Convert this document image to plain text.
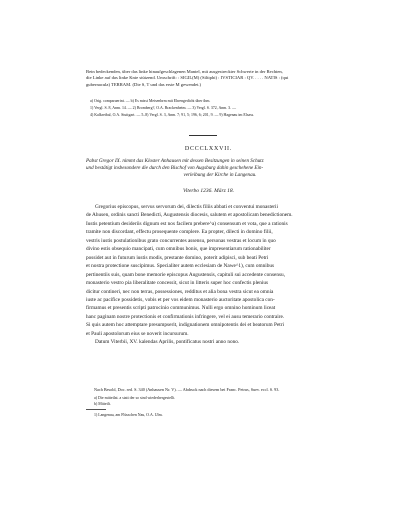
Bein bedeckenden, über das linke hinaufgeschlagenen Mantel, mit ausgestreckter Schwerte in der Rechten,
die Linke auf das linke Knie stützend. Umschrift: : SIGIL(M) (Siltiphi) : IVSTICIAR : QV. . . . . NATIS : (qui
gubernacula) TERRAM. (Die S, T und das erste M gewendet.)
a) Orig. comparuerint. — b) Es misst Meisenbrm mit Ehrengedicht über ihm.
1) Vergl. S. 8, Anm. 14. — 2) Bromberg?, O.A. Brackenheim. — 3) Vergl. S. 372, Anm. 3. —
4) Kalkreibal, O.A. Stuttgart. — 5–8) Vergl. S. 3, Anm. 7; 91, 5; 196, 6; 201, 9. — 9) Hagenau im Elsass.
DCCCLXXVII.
Pabst Gregor IX. nimmt das Kloster Anhausen mit dessen Besitzungen in seinen Schutz
und bestätigt insbesondere die durch den Bischof von Augsburg dahin geschehene Ein-
verleibung der Kirche in Langenau.
Viterbo 1236. März 18.
Gregorius episcopus, servus servorum dei, dilectis filiis abbati et conventui monasterii
de Ahusen, ordinis sancti Benedicti, Augustensis diocesis, salutem et apostolicam benedictionem.
Iustis petentium desideriis dignum est nos facilem prebere^a) consensum et vota, que a rationis
tramite non discordant, effectu prosequente complere. Ea propter, dilecti in domino filii,
vestris iustis postulationibus grato concurrentes assensu, personas vestras et locum in quo
divino estis obsequio mancipati, cum omnibus bonis, que impresentiarum rationabiliter
possidet aut in futurum iustis modis, prestante domino, poterit adipisci, sub beati Petri
et nostra protectione suscipimus. Specialiter autem ecclesiam de Nawe^1), cum omnibus
pertinentiis suis, quam bone memorie episcopus Augustensis, capituli sui accedente consensu,
monasterio vestro pia liberalitate concessit, sicut in litteris super hoc confectis plenius
dicitur contineri, nec non terras, possessiones, redditus et alia bona vestra sicut ea omnia
iuste ac pacifice possidetis, vobis et per vos eidem monasterio auctoritate apostolica con-
firmamus et presentis scripti patrocinio communimus. Nulli ergo omnino hominum liceat
hanc paginam nostre protectionis et confirmationis infringere, vel ei ausu temerario contraire.
Si quis autem hoc attemptare presumpserit, indignationem omnipotentis dei et beatorum Petri
et Pauli apostolorum eius se noverit incursurum.
Datum Viterbii, XV. kalendas Aprilis, pontificatus nostri anno nono.
Nach Besold, Doc. red. S. 340 (Anhausen Nr. V). — Abdruck nach diesem bei Franc. Petrus, Suev. eccl. S. 93.
a) Die mitteilat. a statt der so sind wiederhergestellt.
b) Mitteilt.
1) Langenau, am Flüsschen Nau, O.A. Ulm.
